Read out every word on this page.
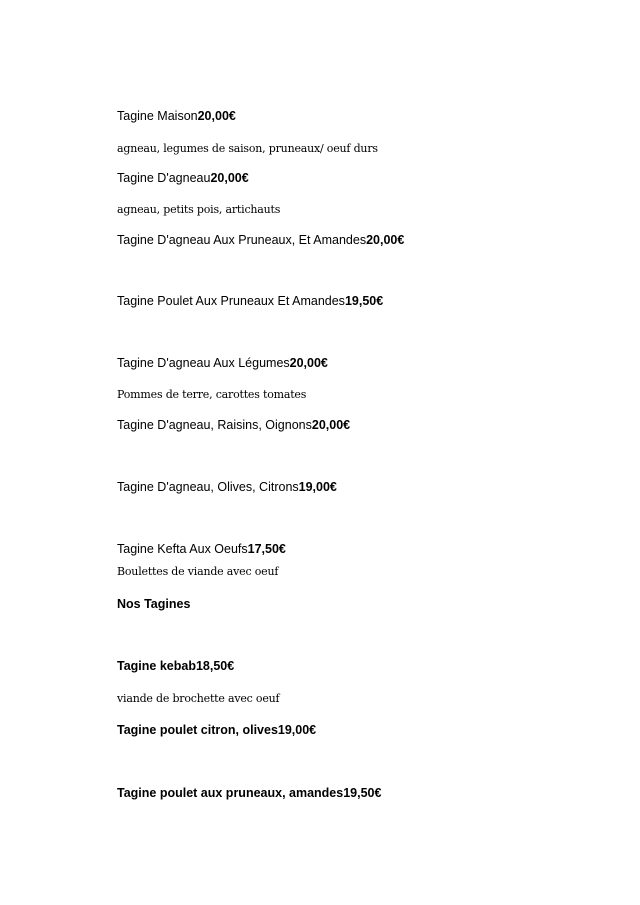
Tagine Maison20,00€
agneau, legumes de saison, pruneaux/ oeuf durs
Tagine D'agneau20,00€
agneau, petits pois, artichauts
Tagine D'agneau Aux Pruneaux, Et Amandes20,00€
Tagine Poulet Aux Pruneaux Et Amandes19,50€
Tagine D'agneau Aux Légumes20,00€
Pommes de terre, carottes tomates
Tagine D'agneau, Raisins, Oignons20,00€
Tagine D'agneau, Olives, Citrons19,00€
Tagine Kefta Aux Oeufs17,50€
Boulettes de viande avec oeuf
Nos Tagines
Tagine kebab18,50€
viande de brochette avec oeuf
Tagine poulet citron, olives19,00€
Tagine poulet aux pruneaux, amandes19,50€
